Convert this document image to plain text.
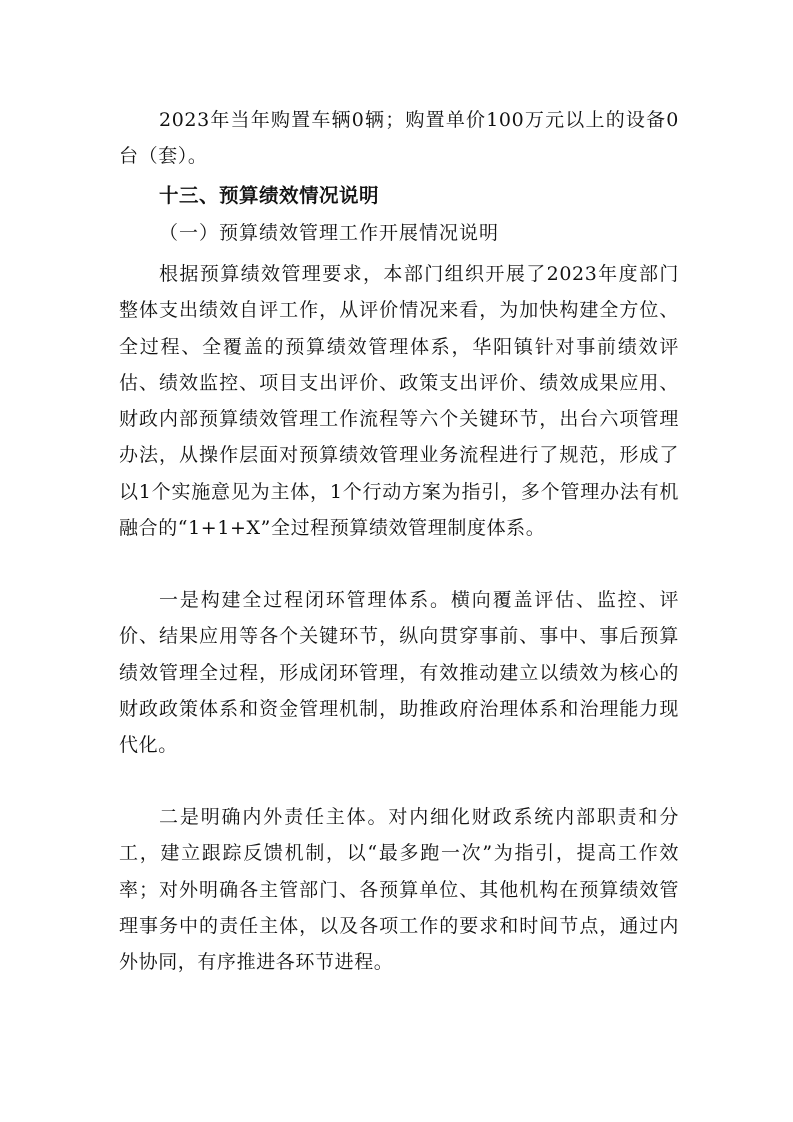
2023年当年购置车辆0辆；购置单价100万元以上的设备0台（套）。

十三、预算绩效情况说明
（一）预算绩效管理工作开展情况说明

根据预算绩效管理要求，本部门组织开展了2023年度部门整体支出绩效自评工作，从评价情况来看，为加快构建全方位、全过程、全覆盖的预算绩效管理体系，华阳镇针对事前绩效评估、绩效监控、项目支出评价、政策支出评价、绩效成果应用、财政内部预算绩效管理工作流程等六个关键环节，出台六项管理办法，从操作层面对预算绩效管理业务流程进行了规范，形成了以1个实施意见为主体，1个行动方案为指引，多个管理办法有机融合的“1+1+X”全过程预算绩效管理制度体系。

一是构建全过程闭环管理体系。横向覆盖评估、监控、评价、结果应用等各个关键环节，纵向贯穿事前、事中、事后预算绩效管理全过程，形成闭环管理，有效推动建立以绩效为核心的财政政策体系和资金管理机制，助推政府治理体系和治理能力现代化。

二是明确内外责任主体。对内细化财政系统内部职责和分工，建立跟踪反馈机制，以“最多跑一次”为指引，提高工作效率；对外明确各主管部门、各预算单位、其他机构在预算绩效管理事务中的责任主体，以及各项工作的要求和时间节点，通过内外协同，有序推进各环节进程。
